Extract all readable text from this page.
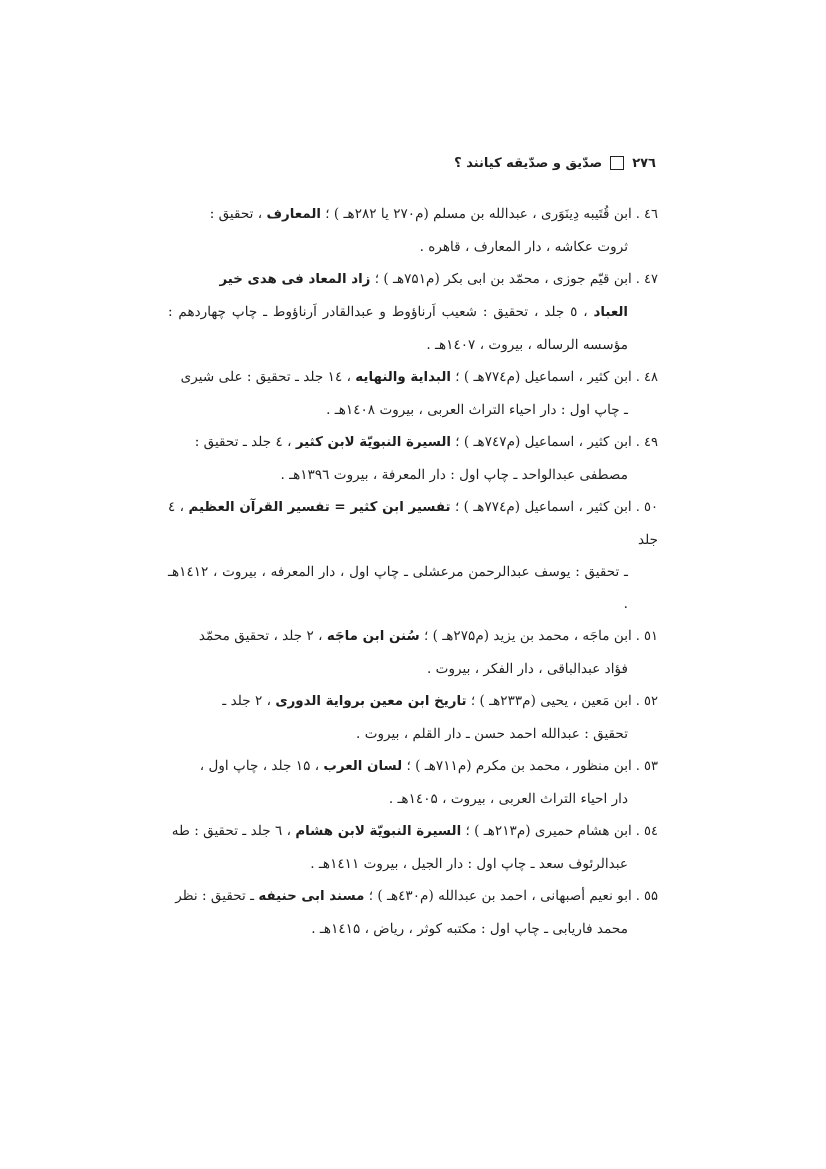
۲۷٦
صدّیق و صدّیقه کیانند ؟

٤٦ .ابن قُتَیبه دِینَوَری ، عبدالله بن مسلم (م۲۷۰ یا ۲۸۲هـ ) ؛ المعارف ، تحقیق :
ثروت عکاشه ، دار المعارف ، قاهره .

٤٧ .ابن قیّم جوزی ، محمّد بن ابی بکر (م۷۵۱هـ ) ؛ زاد المعاد فی هدی خیر
العباد ، ٥ جلد ، تحقیق : شعیب اَرناؤوط و عبدالقادر اَرناؤوط ـ چاپ چهاردهم : مؤسسه الرساله ، بیروت ، ۱٤۰۷هـ .

٤٨ .ابن کثیر ، اسماعیل (م۷۷٤هـ ) ؛ البدایة والنهایه ، ۱٤ جلد ـ تحقیق : علی شیری
ـ چاپ اول : دار احیاء التراث العربی ، بیروت ۱٤۰۸هـ .

٤٩ .ابن کثیر ، اسماعیل (م۷٤۷هـ ) ؛ السیرة النبویّة لابن کثیر ، ٤ جلد ـ تحقیق :
مصطفی عبدالواحد ـ چاپ اول : دار المعرفة ، بیروت ۱۳۹٦هـ .

٥۰ .ابن کثیر ، اسماعیل (م۷۷٤هـ ) ؛ تفسیر ابن کثیر = تفسیر القرآن العظیم ، ٤ جلد
ـ تحقیق : یوسف عبدالرحمن مرعشلی ـ چاپ اول ، دار المعرفه ، بیروت ، ۱٤۱۲هـ .

٥۱ .ابن ماجَه ، محمد بن یزید (م۲۷۵هـ ) ؛ سُنن ابن ماجَه ، ۲ جلد ، تحقیق محمّد
فؤاد عبدالباقی ، دار الفکر ، بیروت .

٥۲ .ابن مَعین ، یحیی (م۲۳۳هـ ) ؛ تاریخ ابن معین بروایة الدوری ، ۲ جلد ـ
تحقیق : عبدالله احمد حسن ـ دار القلم ، بیروت .

٥۳ .ابن منظور ، محمد بن مکرم (م۷۱۱هـ ) ؛ لسان العرب ، ۱۵ جلد ، چاپ اول ،
دار احیاء التراث العربی ، بیروت ، ۱٤۰۵هـ .

٥٤ .ابن هشام حمیری (م۲۱۳هـ ) ؛ السیرة النبویّة لابن هشام ، ٦ جلد ـ تحقیق : طه
عبدالرئوف سعد ـ چاپ اول : دار الجیل ، بیروت ۱٤۱۱هـ .

٥۵ .ابو نعیم أصبهانی ، احمد بن عبدالله (م٤۳۰هـ ) ؛ مسند ابی حنیفه ـ تحقیق : نظر
محمد فاریابی ـ چاپ اول : مکتبه کوثر ، ریاض ، ۱٤۱۵هـ .
